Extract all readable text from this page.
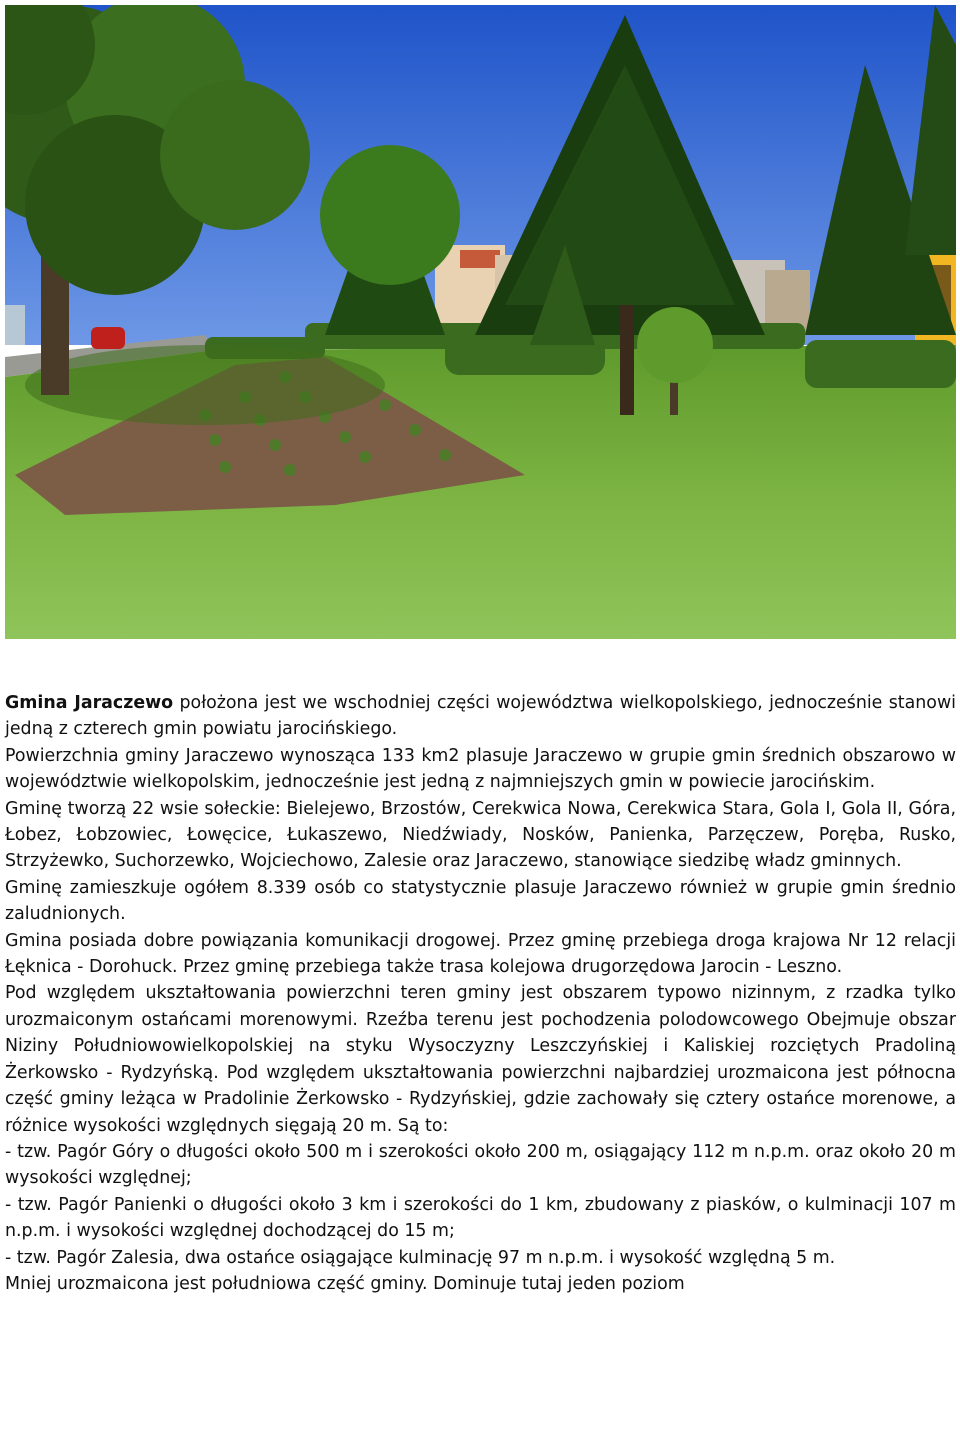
Gmina Jaraczewo położona jest we wschodniej części województwa wielkopolskiego, jednocześnie stanowi jedną z czterech gmin powiatu jarocińskiego.

Powierzchnia gminy Jaraczewo wynosząca 133 km2 plasuje Jaraczewo w grupie gmin średnich obszarowo w województwie wielkopolskim, jednocześnie jest jedną z najmniejszych gmin w powiecie jarocińskim.

Gminę tworzą 22 wsie sołeckie: Bielejewo, Brzostów, Cerekwica Nowa, Cerekwica Stara, Gola I, Gola II, Góra, Łobez, Łobzowiec, Łowęcice, Łukaszewo, Niedźwiady, Nosków, Panienka, Parzęczew, Poręba, Rusko, Strzyżewko, Suchorzewko, Wojciechowo, Zalesie oraz Jaraczewo, stanowiące siedzibę władz gminnych.

Gminę zamieszkuje ogółem 8.339 osób co statystycznie plasuje Jaraczewo również w grupie gmin średnio zaludnionych.

Gmina posiada dobre powiązania komunikacji drogowej. Przez gminę przebiega droga krajowa Nr 12 relacji Łęknica - Dorohuck. Przez gminę przebiega także trasa kolejowa drugorzędowa Jarocin - Leszno.

Pod względem ukształtowania powierzchni teren gminy jest obszarem typowo nizinnym, z rzadka tylko urozmaiconym ostańcami morenowymi. Rzeźba terenu jest pochodzenia polodowcowego Obejmuje obszar Niziny Południowowielkopolskiej na styku Wysoczyzny Leszczyńskiej i Kaliskiej rozciętych Pradoliną Żerkowsko - Rydzyńską. Pod względem ukształtowania powierzchni najbardziej urozmaicona jest północna część gminy leżąca w Pradolinie Żerkowsko - Rydzyńskiej, gdzie zachowały się cztery ostańce morenowe, a różnice wysokości względnych sięgają 20 m. Są to:

- tzw. Pagór Góry o długości około 500 m i szerokości około 200 m, osiągający 112 m n.p.m. oraz około 20 m wysokości względnej;

- tzw. Pagór Panienki o długości około 3 km i szerokości do 1 km, zbudowany z piasków, o kulminacji 107 m n.p.m. i wysokości względnej dochodzącej do 15 m;

- tzw. Pagór Zalesia, dwa ostańce osiągające kulminację 97 m n.p.m. i wysokość względną 5 m.

Mniej urozmaicona jest południowa część gminy. Dominuje tutaj jeden poziom
